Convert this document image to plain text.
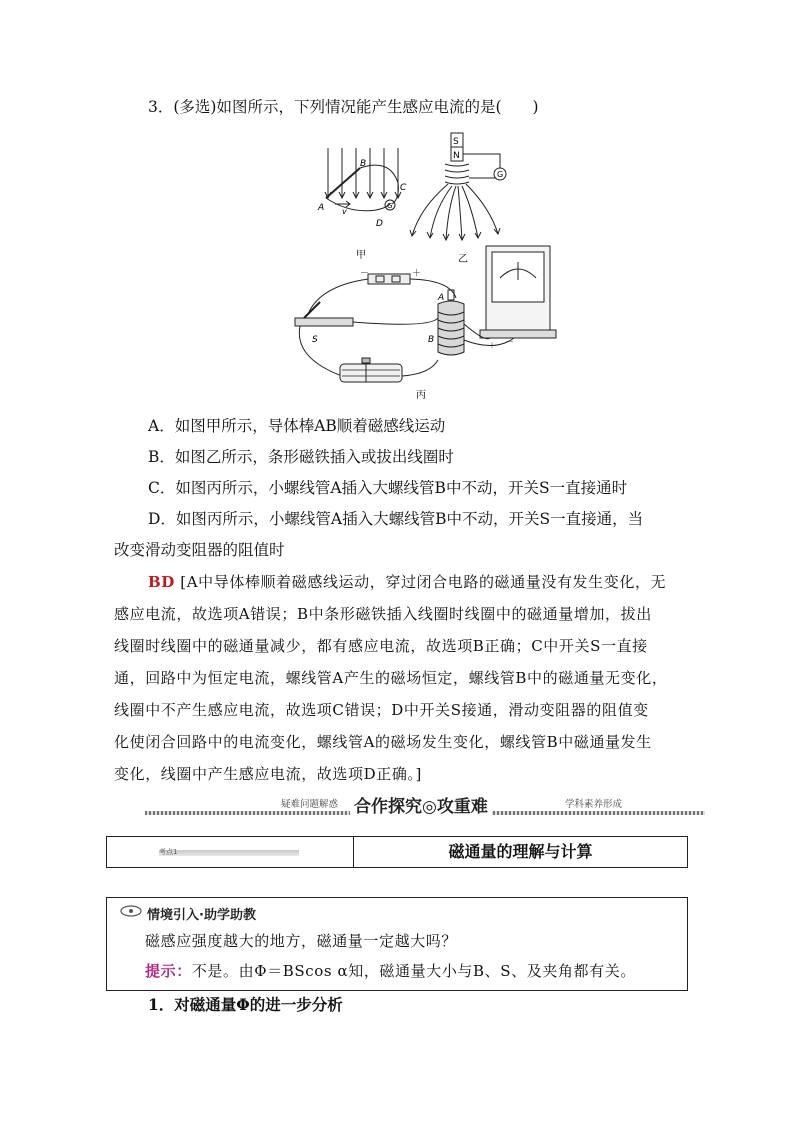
3．(多选)如图所示，下列情况能产生感应电流的是(　　)
A
B
C
D
v
G
S
N
G
甲	乙
－	＋
S
A
B
＋ －
丙
A．如图甲所示，导体棒AB顺着磁感线运动
B．如图乙所示，条形磁铁插入或拔出线圈时
C．如图丙所示，小螺线管A插入大螺线管B中不动，开关S一直接通时
D．如图丙所示，小螺线管A插入大螺线管B中不动，开关S一直接通，当
改变滑动变阻器的阻值时
BD [A中导体棒顺着磁感线运动，穿过闭合电路的磁通量没有发生变化，无
感应电流，故选项A错误；B中条形磁铁插入线圈时线圈中的磁通量增加，拔出
线圈时线圈中的磁通量减少，都有感应电流，故选项B正确；C中开关S一直接
通，回路中为恒定电流，螺线管A产生的磁场恒定，螺线管B中的磁通量无变化，
线圈中不产生感应电流，故选项C错误；D中开关S接通，滑动变阻器的阻值变
化使闭合回路中的电流变化，螺线管A的磁场发生变化，螺线管B中磁通量发生
变化，线圈中产生感应电流，故选项D正确。]
疑难问题解惑 合作探究◎攻重难	学科素养形成
考点1	磁通量的理解与计算
情境引入·助学助教
磁感应强度越大的地方，磁通量一定越大吗？
提示：不是。由Φ＝BScos α知，磁通量大小与B、S、及夹角都有关。
1．对磁通量Φ的进一步分析
